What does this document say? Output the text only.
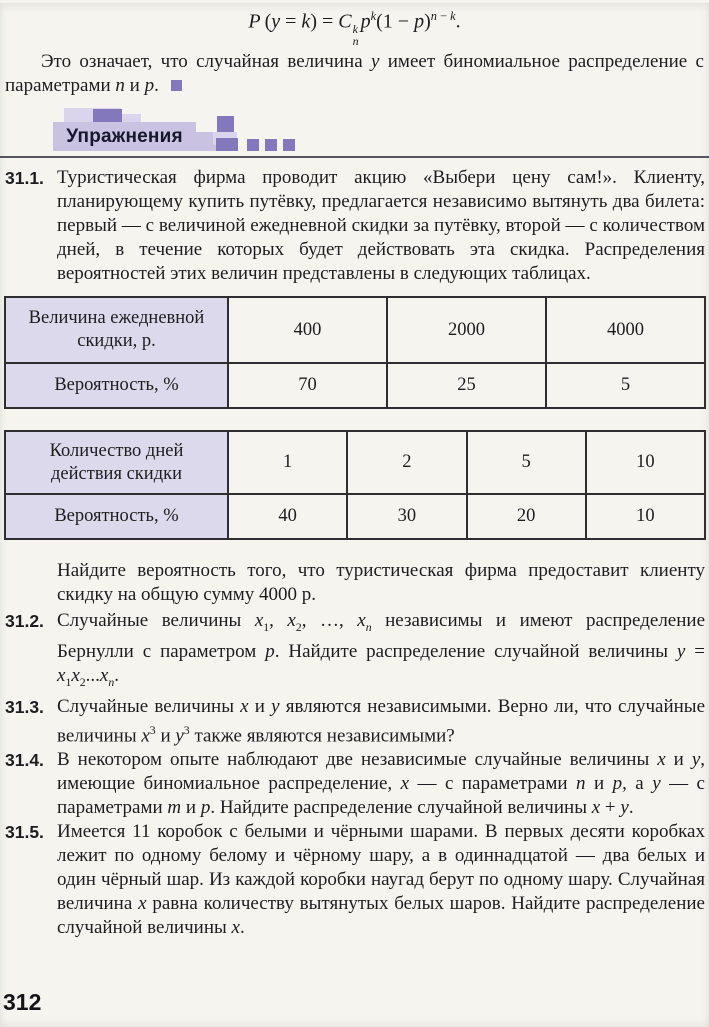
P (y = k) = C k
n
$p^k(1 - p)^{n - k}$.

Это означает, что случайная величина y имеет биномиальное распределение с параметрами n и p.

Упражнения
31.1. Туристическая фирма проводит акцию «Выбери цену сам!». Клиенту, планирующему купить путёвку, предлагается независимо вытянуть два билета: первый — с величиной ежедневной скидки за путёвку, второй — с количеством дней, в течение которых будет действовать эта скидка. Распределения вероятностей этих величин представлены в следующих таблицах.
Величина ежедневной скидки, р.	400	2000	4000
Вероятность, %	70	25	5
Количество дней действия скидки	1	2	5	10
Вероятность, %	40	30	20	10

Найдите вероятность того, что туристическая фирма предоставит клиенту скидку на общую сумму 4000 р.

31.2. Случайные величины $x_1$, $x_2$, …, $x_n$ независимы и имеют распределение Бернулли с параметром p. Найдите распределение случайной величины $y = x_1x_2...x_n$.
31.3. Случайные величины x и y являются независимыми. Верно ли, что случайные величины $x^3$ и $y^3$ также являются независимыми?
31.4. В некотором опыте наблюдают две независимые случайные величины x и y, имеющие биномиальное распределение, x — с параметрами n и p, а y — с параметрами m и p. Найдите распределение случайной величины x + y.
31.5. Имеется 11 коробок с белыми и чёрными шарами. В первых десяти коробках лежит по одному белому и чёрному шару, а в одиннадцатой — два белых и один чёрный шар. Из каждой коробки наугад берут по одному шару. Случайная величина x равна количеству вытянутых белых шаров. Найдите распределение случайной величины x.
312
